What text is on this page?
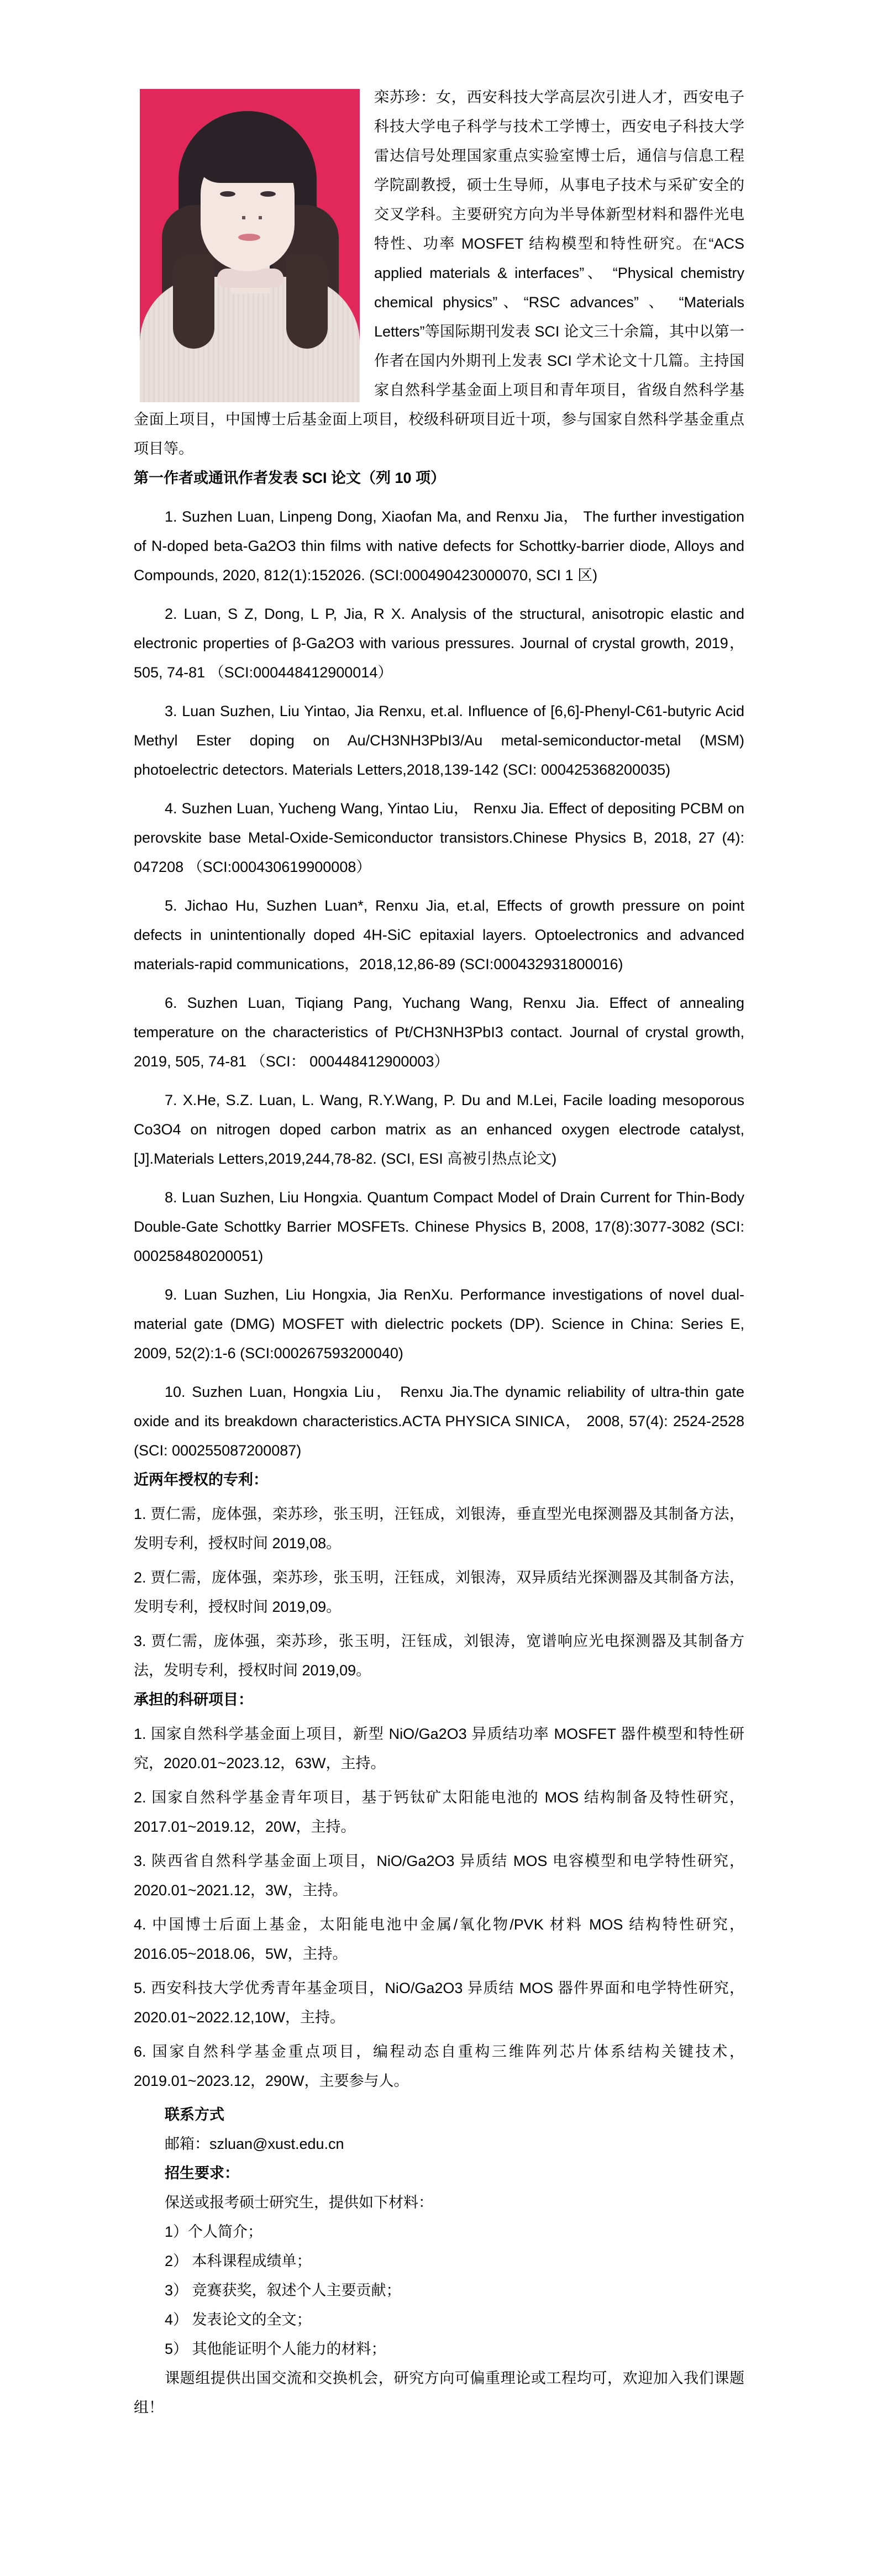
栾苏珍：女，西安科技大学高层次引进人才，西安电子科技大学电子科学与技术工学博士，西安电子科技大学雷达信号处理国家重点实验室博士后，通信与信息工程学院副教授，硕士生导师，从事电子技术与采矿安全的交叉学科。主要研究方向为半导体新型材料和器件光电特性、功率 MOSFET 结构模型和特性研究。在“ACS applied materials & interfaces”、 “Physical chemistry chemical physics”、“RSC advances” 、 “Materials Letters”等国际期刊发表 SCI 论文三十余篇，其中以第一作者在国内外期刊上发表 SCI 学术论文十几篇。主持国家自然科学基金面上项目和青年项目，省级自然科学基金面上项目，中国博士后基金面上项目，校级科研项目近十项，参与国家自然科学基金重点项目等。

第一作者或通讯作者发表 SCI 论文（列 10 项）

1. Suzhen Luan, Linpeng Dong, Xiaofan Ma, and Renxu Jia， The further investigation of N-doped beta-Ga2O3 thin films with native defects for Schottky-barrier diode, Alloys and Compounds, 2020, 812(1):152026. (SCI:000490423000070, SCI 1 区)

2. Luan, S Z, Dong, L P, Jia, R X. Analysis of the structural, anisotropic elastic and electronic properties of β-Ga2O3 with various pressures. Journal of crystal growth, 2019， 505, 74-81 （SCI:000448412900014）

3. Luan Suzhen, Liu Yintao, Jia Renxu, et.al. Influence of [6,6]-Phenyl-C61-butyric Acid Methyl Ester doping on Au/CH3NH3PbI3/Au metal-semiconductor-metal (MSM) photoelectric detectors. Materials Letters,2018,139-142 (SCI: 000425368200035)

4. Suzhen Luan, Yucheng Wang, Yintao Liu， Renxu Jia. Effect of depositing PCBM on perovskite base Metal-Oxide-Semiconductor transistors.Chinese Physics B, 2018, 27 (4): 047208 （SCI:000430619900008）

5. Jichao Hu, Suzhen Luan*, Renxu Jia, et.al, Effects of growth pressure on point defects in unintentionally doped 4H-SiC epitaxial layers. Optoelectronics and advanced materials-rapid communications，2018,12,86-89 (SCI:000432931800016)

6. Suzhen Luan, Tiqiang Pang, Yuchang Wang, Renxu Jia. Effect of annealing temperature on the characteristics of Pt/CH3NH3PbI3 contact. Journal of crystal growth, 2019, 505, 74-81 （SCI： 000448412900003）

7. X.He, S.Z. Luan, L. Wang, R.Y.Wang, P. Du and M.Lei, Facile loading mesoporous Co3O4 on nitrogen doped carbon matrix as an enhanced oxygen electrode catalyst, [J].Materials Letters,2019,244,78-82. (SCI, ESI 高被引热点论文)

8. Luan Suzhen, Liu Hongxia. Quantum Compact Model of Drain Current for Thin-Body Double-Gate Schottky Barrier MOSFETs. Chinese Physics B, 2008, 17(8):3077-3082 (SCI: 000258480200051)

9. Luan Suzhen, Liu Hongxia, Jia RenXu. Performance investigations of novel dual-material gate (DMG) MOSFET with dielectric pockets (DP). Science in China: Series E, 2009, 52(2):1-6 (SCI:000267593200040)

10. Suzhen Luan, Hongxia Liu， Renxu Jia.The dynamic reliability of ultra-thin gate oxide and its breakdown characteristics.ACTA PHYSICA SINICA， 2008, 57(4): 2524-2528 (SCI: 000255087200087)

近两年授权的专利：

1. 贾仁需，庞体强，栾苏珍，张玉明，汪钰成，刘银涛，垂直型光电探测器及其制备方法，发明专利，授权时间 2019,08。

2. 贾仁需，庞体强，栾苏珍，张玉明，汪钰成，刘银涛，双异质结光探测器及其制备方法，发明专利，授权时间 2019,09。

3. 贾仁需，庞体强，栾苏珍，张玉明，汪钰成，刘银涛，宽谱响应光电探测器及其制备方法，发明专利，授权时间 2019,09。

承担的科研项目：

1. 国家自然科学基金面上项目，新型 NiO/Ga2O3 异质结功率 MOSFET 器件模型和特性研究，2020.01~2023.12，63W，主持。

2. 国家自然科学基金青年项目，基于钙钛矿太阳能电池的 MOS 结构制备及特性研究，2017.01~2019.12，20W，主持。

3. 陕西省自然科学基金面上项目，NiO/Ga2O3 异质结 MOS 电容模型和电学特性研究，2020.01~2021.12，3W，主持。

4. 中国博士后面上基金，太阳能电池中金属/氧化物/PVK 材料 MOS 结构特性研究，2016.05~2018.06，5W，主持。

5. 西安科技大学优秀青年基金项目，NiO/Ga2O3 异质结 MOS 器件界面和电学特性研究，2020.01~2022.12,10W，主持。

6. 国家自然科学基金重点项目，编程动态自重构三维阵列芯片体系结构关键技术，2019.01~2023.12，290W，主要参与人。

联系方式

邮箱：szluan@xust.edu.cn

招生要求：

保送或报考硕士研究生，提供如下材料：

1）个人简介；

2） 本科课程成绩单；

3） 竞赛获奖，叙述个人主要贡献；

4） 发表论文的全文；

5） 其他能证明个人能力的材料；

课题组提供出国交流和交换机会，研究方向可偏重理论或工程均可，欢迎加入我们课题组！
